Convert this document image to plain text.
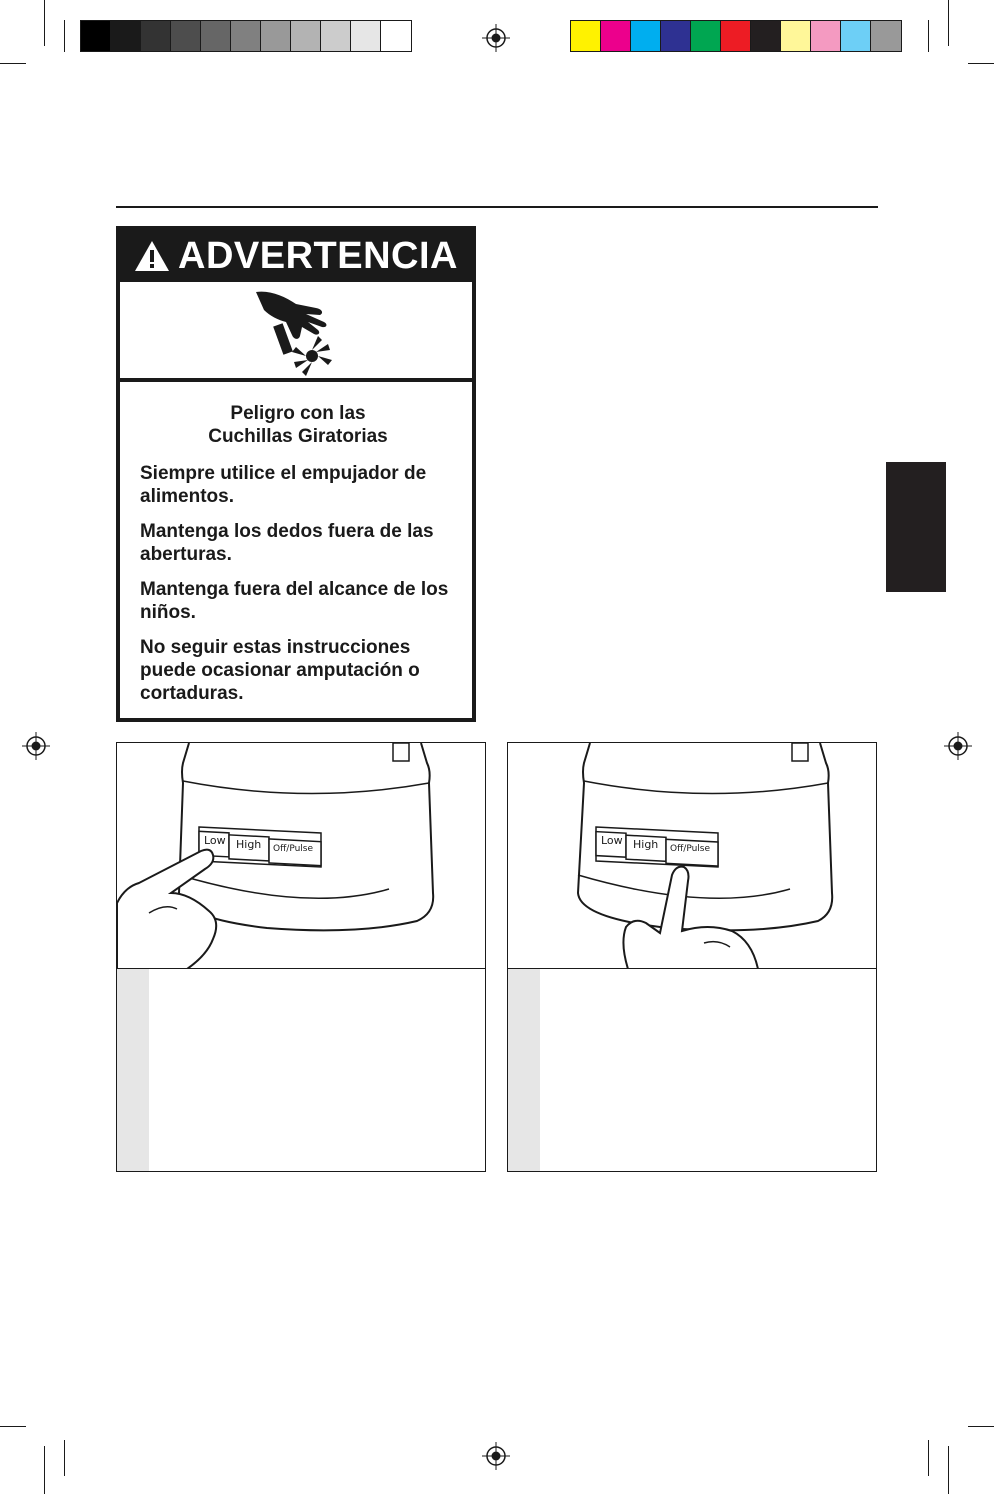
ADVERTENCIA
Peligro con las
Cuchillas Giratorias
Siempre utilice el empujador de alimentos.
Mantenga los dedos fuera de las aberturas.
Mantenga fuera del alcance de los niños.
No seguir estas instrucciones puede ocasionar amputación o cortaduras.
Low High Off/Pulse
Low High Off/Pulse
